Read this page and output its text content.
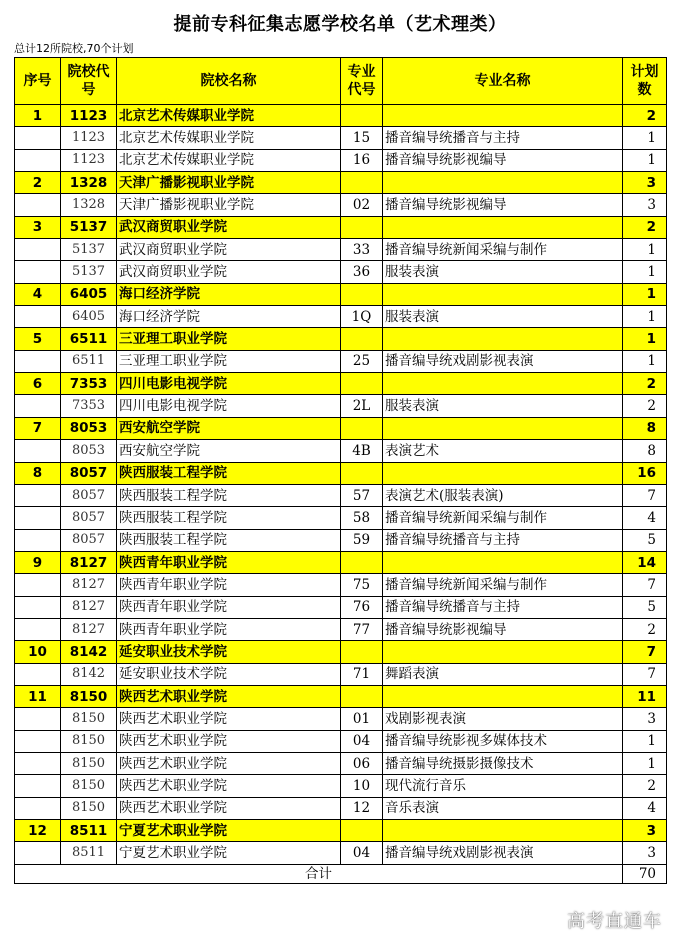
提前专科征集志愿学校名单（艺术理类）
总计12所院校,70个计划
序号	院校代号	院校名称	专业代号	专业名称	计划数
1	1123	北京艺术传媒职业学院			2
	1123	北京艺术传媒职业学院	15	播音编导统播音与主持	1
	1123	北京艺术传媒职业学院	16	播音编导统影视编导	1
2	1328	天津广播影视职业学院			3
	1328	天津广播影视职业学院	02	播音编导统影视编导	3
3	5137	武汉商贸职业学院			2
	5137	武汉商贸职业学院	33	播音编导统新闻采编与制作	1
	5137	武汉商贸职业学院	36	服装表演	1
4	6405	海口经济学院			1
	6405	海口经济学院	1Q	服装表演	1
5	6511	三亚理工职业学院			1
	6511	三亚理工职业学院	25	播音编导统戏剧影视表演	1
6	7353	四川电影电视学院			2
	7353	四川电影电视学院	2L	服装表演	2
7	8053	西安航空学院			8
	8053	西安航空学院	4B	表演艺术	8
8	8057	陕西服装工程学院			16
	8057	陕西服装工程学院	57	表演艺术(服装表演)	7
	8057	陕西服装工程学院	58	播音编导统新闻采编与制作	4
	8057	陕西服装工程学院	59	播音编导统播音与主持	5
9	8127	陕西青年职业学院			14
	8127	陕西青年职业学院	75	播音编导统新闻采编与制作	7
	8127	陕西青年职业学院	76	播音编导统播音与主持	5
	8127	陕西青年职业学院	77	播音编导统影视编导	2
10	8142	延安职业技术学院			7
	8142	延安职业技术学院	71	舞蹈表演	7
11	8150	陕西艺术职业学院			11
	8150	陕西艺术职业学院	01	戏剧影视表演	3
	8150	陕西艺术职业学院	04	播音编导统影视多媒体技术	1
	8150	陕西艺术职业学院	06	播音编导统摄影摄像技术	1
	8150	陕西艺术职业学院	10	现代流行音乐	2
	8150	陕西艺术职业学院	12	音乐表演	4
12	8511	宁夏艺术职业学院			3
	8511	宁夏艺术职业学院	04	播音编导统戏剧影视表演	3
合计					70
高考直通车
